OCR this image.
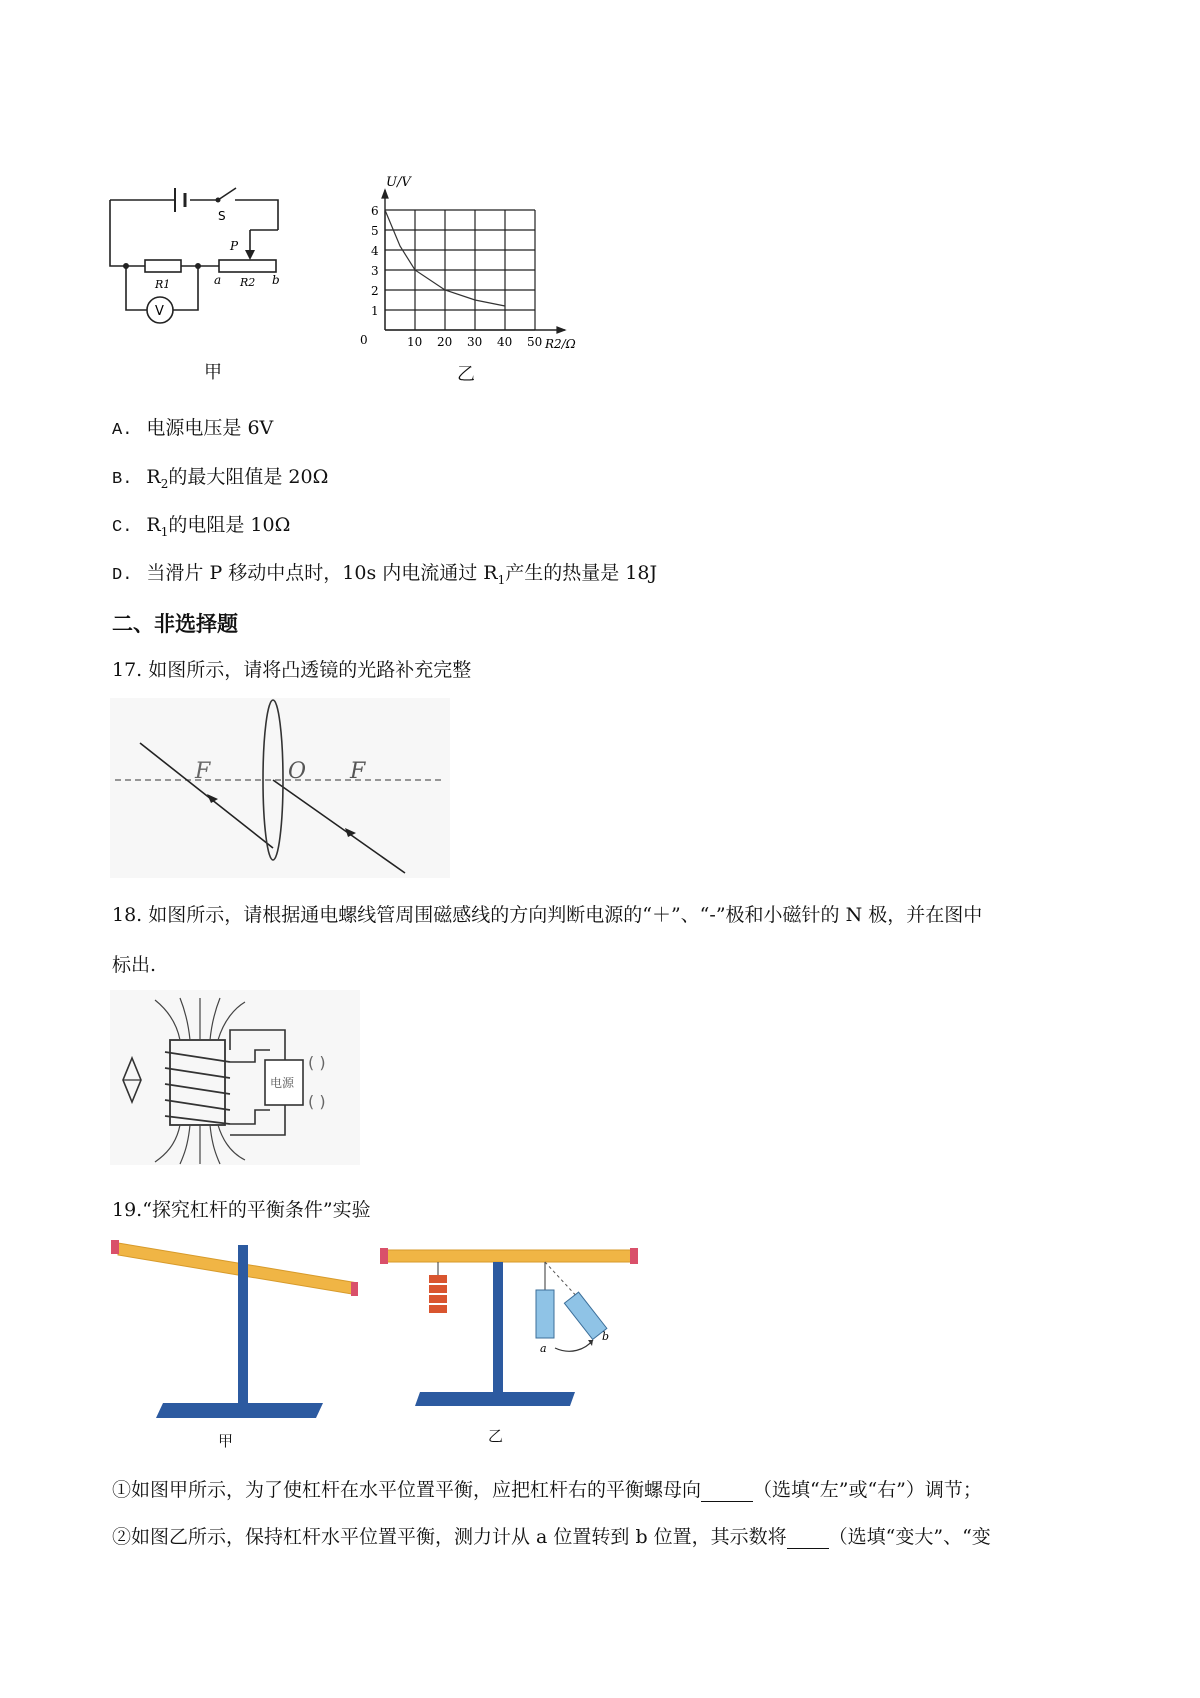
S
P
R1	a R2 b
V
甲
6
5
4
3
2
1
10 20 30 40 50
U/V
R2/Ω
0
乙
A. 电源电压是 6V
B. $R_2$的最大阻值是 20Ω
C. $R_1$的电阻是 10Ω
D. 当滑片 P 移动中点时，10s 内电流通过 $R_1$产生的热量是 18J
二、非选择题
17. 如图所示，请将凸透镜的光路补充完整
F	O F
18. 如图所示，请根据通电螺线管周围磁感线的方向判断电源的“＋”、“-”极和小磁针的 N 极，并在图中
标出.
电源
( )
( )
19.“探究杠杆的平衡条件”实验
甲
a
b
乙
①如图甲所示，为了使杠杆在水平位置平衡，应把杠杆右的平衡螺母向	（选填“左”或“右”）调节；
②如图乙所示，保持杠杆水平位置平衡，测力计从 a 位置转到 b 位置，其示数将 （选填“变大”、“变
